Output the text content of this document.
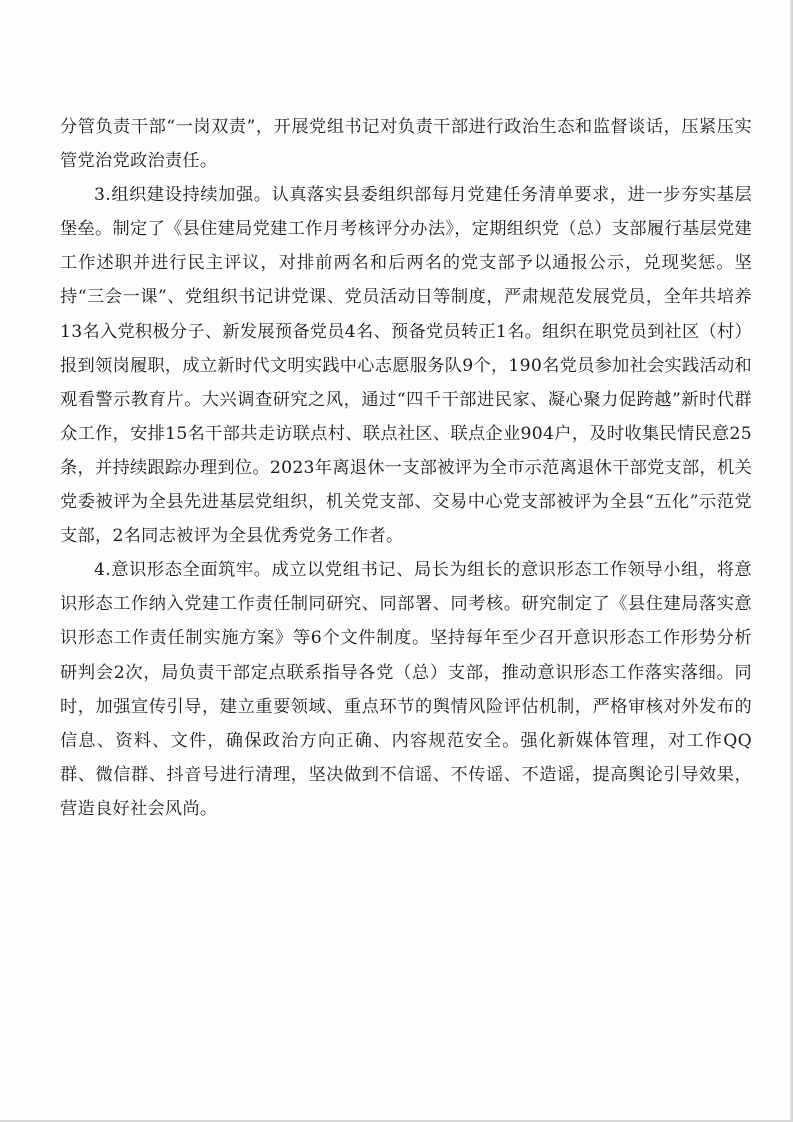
分管负责干部“一岗双责”，开展党组书记对负责干部进行政治生态和监督谈话，压紧压实管党治党政治责任。

3.组织建设持续加强。认真落实县委组织部每月党建任务清单要求，进一步夯实基层堡垒。制定了《县住建局党建工作月考核评分办法》，定期组织党（总）支部履行基层党建工作述职并进行民主评议，对排前两名和后两名的党支部予以通报公示，兑现奖惩。坚持“三会一课”、党组织书记讲党课、党员活动日等制度，严肃规范发展党员，全年共培养13名入党积极分子、新发展预备党员4名、预备党员转正1名。组织在职党员到社区（村）报到领岗履职，成立新时代文明实践中心志愿服务队9个，190名党员参加社会实践活动和观看警示教育片。大兴调查研究之风，通过“四千干部进民家、凝心聚力促跨越”新时代群众工作，安排15名干部共走访联点村、联点社区、联点企业904户，及时收集民情民意25条，并持续跟踪办理到位。2023年离退休一支部被评为全市示范离退休干部党支部，机关党委被评为全县先进基层党组织，机关党支部、交易中心党支部被评为全县“五化”示范党支部，2名同志被评为全县优秀党务工作者。

4.意识形态全面筑牢。成立以党组书记、局长为组长的意识形态工作领导小组，将意识形态工作纳入党建工作责任制同研究、同部署、同考核。研究制定了《县住建局落实意识形态工作责任制实施方案》等6个文件制度。坚持每年至少召开意识形态工作形势分析研判会2次，局负责干部定点联系指导各党（总）支部，推动意识形态工作落实落细。同时，加强宣传引导，建立重要领域、重点环节的舆情风险评估机制，严格审核对外发布的信息、资料、文件，确保政治方向正确、内容规范安全。强化新媒体管理，对工作QQ群、微信群、抖音号进行清理，坚决做到不信谣、不传谣、不造谣，提高舆论引导效果，营造良好社会风尚。
